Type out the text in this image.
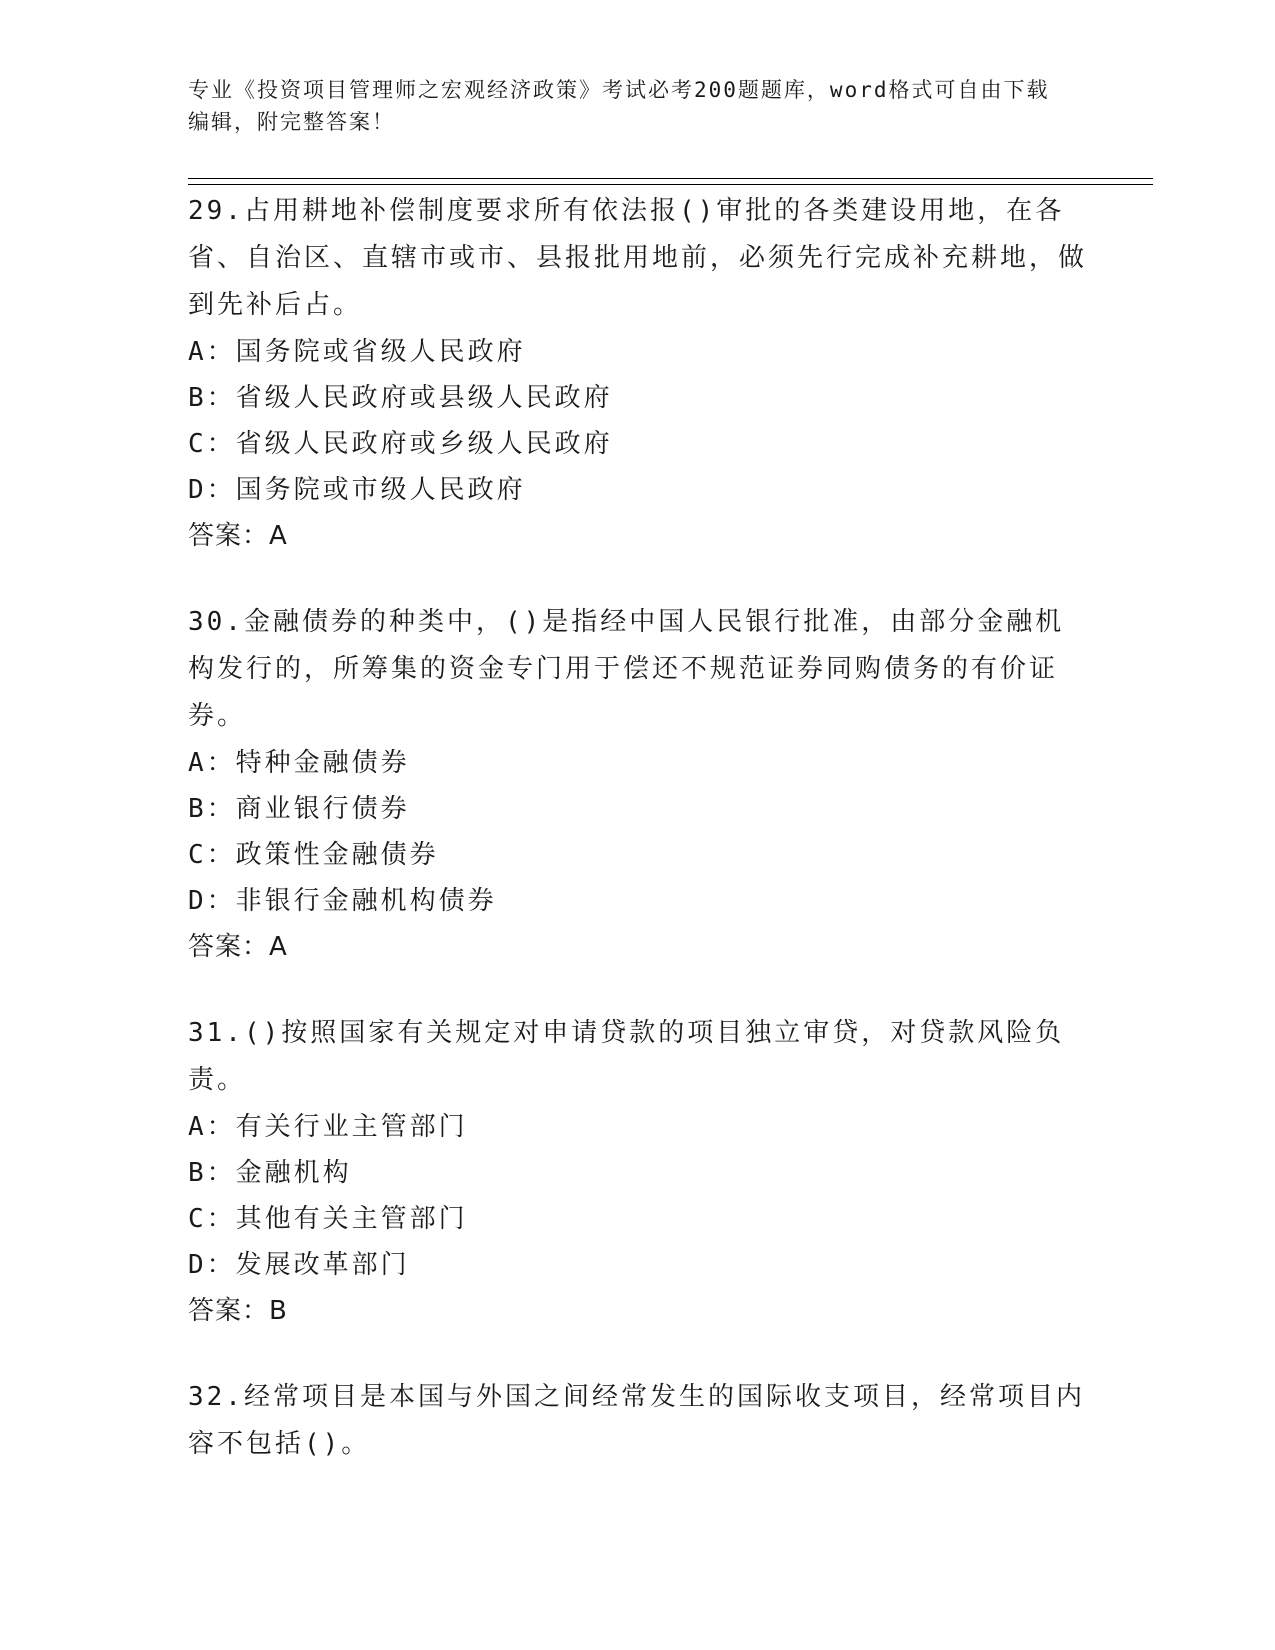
专业《投资项目管理师之宏观经济政策》考试必考200题题库，word格式可自由下载编辑，附完整答案！

29.占用耕地补偿制度要求所有依法报()审批的各类建设用地，在各省、自治区、直辖市或市、县报批用地前，必须先行完成补充耕地，做到先补后占。

A：国务院或省级人民政府

B：省级人民政府或县级人民政府

C：省级人民政府或乡级人民政府

D：国务院或市级人民政府

答案：A

30.金融债券的种类中，()是指经中国人民银行批准，由部分金融机构发行的，所筹集的资金专门用于偿还不规范证券同购债务的有价证券。

A：特种金融债券

B：商业银行债券

C：政策性金融债券

D：非银行金融机构债券

答案：A

31.()按照国家有关规定对申请贷款的项目独立审贷，对贷款风险负责。

A：有关行业主管部门

B：金融机构

C：其他有关主管部门

D：发展改革部门

答案：B

32.经常项目是本国与外国之间经常发生的国际收支项目，经常项目内容不包括()。
